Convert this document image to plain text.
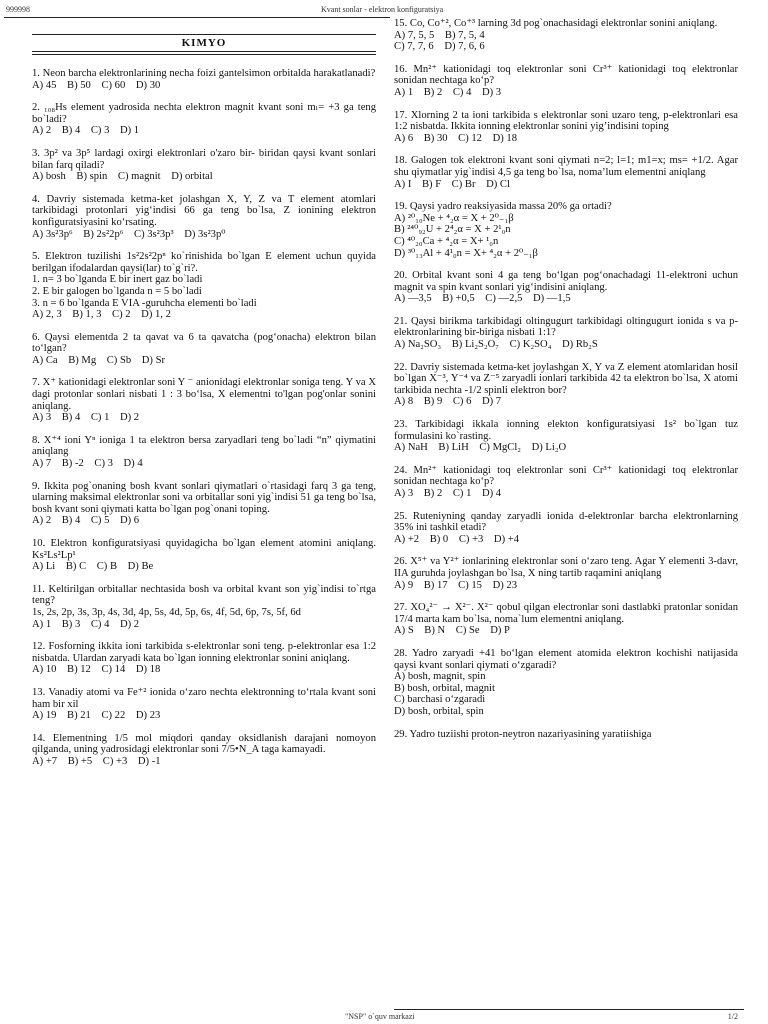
999998	Kvant sonlar - elektron konfiguratsiya
KIMYO

1. Neon barcha elektronlarining necha foizi gantelsimon orbitalda harakatlanadi?

A) 45    B) 50    C) 60    D) 30

2. ₁₀₈Hs element yadrosida nechta elektron magnit kvant soni mₗ= +3 ga teng bo`ladi?

A) 2    B) 4    C) 3    D) 1

3. 3p² va 3p⁵ lardagi oxirgi elektronlari o'zaro bir- biridan qaysi kvant sonlari bilan farq qiladi?

A) bosh    B) spin    C) magnit    D) orbital

4. Davriy sistemada ketma-ket jolashgan X, Y, Z va T element atomlari tarkibidagi protonlari yig‘indisi 66 ga teng bo`lsa, Z ionining elektron konfiguratsiyasini ko‘rsating.

A) 3s²3p⁶    B) 2s²2p⁶    C) 3s²3p³    D) 3s²3p⁰

5. Elektron tuzilishi 1s²2s²2pⁿ ko`rinishida bo`lgan E element uchun quyida berilgan ifodalardan qaysi(lar) to`g`ri?.
1. n= 3 bo`lganda E bir inert gaz bo`ladi
2. E bir galogen bo`lganda n = 5 bo`ladi
3. n = 6 bo`lganda E VIA -guruhcha elementi bo`ladi

A) 2, 3    B) 1, 3    C) 2    D) 1, 2

6. Qaysi elementda 2 ta qavat va 6 ta qavatcha (pog‘onacha) elektron bilan to‘lgan?

A) Ca    B) Mg    C) Sb    D) Sr

7. X⁺ kationidagi elektronlar soni Y ⁻ anionidagi elektronlar soniga teng. Y va X dagi protonlar sonlari nisbati 1 : 3 bo‘lsa, X elementni to'lgan pog'onlar sonini aniqlang.

A) 3    B) 4    C) 1    D) 2

8. X⁺⁴ ioni Yⁿ ioniga 1 ta elektron bersa zaryadlari teng bo`ladi “n” qiymatini aniqlang

A) 7    B) -2    C) 3    D) 4

9. Ikkita pog`onaning bosh kvant sonlari qiymatlari o`rtasidagi farq 3 ga teng, ularning maksimal elektronlar soni va orbitallar soni yig`indisi 51 ga teng bo`lsa, bosh kvant soni qiymati katta bo`lgan pog`onani toping.

A) 2    B) 4    C) 5    D) 6

10. Elektron konfiguratsiyasi quyidagicha bo`lgan element atomini aniqlang. Ks²Ls²Lp¹

A) Li    B) C    C) B    D) Be

11. Keltirilgan orbitallar nechtasida bosh va orbital kvant son yig`indisi to`rtga teng?
1s, 2s, 2p, 3s, 3p, 4s, 3d, 4p, 5s, 4d, 5p, 6s, 4f, 5d, 6p, 7s, 5f, 6d

A) 1    B) 3    C) 4    D) 2

12. Fosforning ikkita ioni tarkibida s-elektronlar soni teng. p-elektronlar esa 1:2 nisbatda. Ulardan zaryadi kata bo`lgan ionning elektronlar sonini aniqlang.

A) 10    B) 12    C) 14    D) 18

13. Vanadiy atomi va Fe⁺² ionida o‘zaro nechta elektronning to‘rtala kvant soni ham bir xil

A) 19    B) 21    C) 22    D) 23

14. Elementning 1/5 mol miqdori qanday oksidlanish darajani nomoyon qilganda, uning yadrosidagi elektronlar soni 7/5•N_A taga kamayadi.

A) +7    B) +5    C) +3    D) -1

15. Co, Co⁺², Co⁺³ larning 3d pog`onachasidagi elektronlar sonini aniqlang.

A) 7, 5, 5    B) 7, 5, 4
C) 7, 7, 6    D) 7, 6, 6

16. Mn²⁺ kationidagi toq elektronlar soni Cr³⁺ kationidagi toq elektronlar sonidan nechtaga ko‘p?

A) 1    B) 2    C) 4    D) 3

17. Xlorning 2 ta ioni tarkibida s elektronlar soni uzaro teng, p-elektronlari esa 1:2 nisbatda. Ikkita ionning elektronlar sonini yig’indisini toping

A) 6    B) 30    C) 12    D) 18

18. Galogen tok elektroni kvant soni qiymati n=2; l=1; m1=x; ms= +1/2. Agar shu qiymatlar yig`indisi 4,5 ga teng bo`lsa, noma’lum elementni aniqlang

A) I    B) F    C) Br    D) Cl

19. Qaysi yadro reaksiyasida massa 20% ga ortadi?

A) ²⁰₁₀Ne + ⁴₂α = X + 2⁰₋₁β
B) ²⁴⁰₉₂U + 2⁴₂α = X + 2¹₀n
C) ⁴⁰₂₀Ca + ⁴₂α = X+ ¹₀n
D) ³⁰₁₃Al + 4¹₀n = X+ ⁴₂α + 2⁰₋₁β

20. Orbital kvant soni 4 ga teng bo‘lgan pog‘onachadagi 11-elektroni uchun magnit va spin kvant sonlari yig‘indisini aniqlang.

A) —3,5    B) +0,5    C) —2,5    D) —1,5

21. Qaysi birikma tarkibidagi oltingugurt tarkibidagi oltingugurt ionida s va p-elektronlarining bir-biriga nisbati 1:1?

A) Na₂SO₃    B) Li₂S₂O₇    C) K₂SO₄    D) Rb₂S

22. Davriy sistemada ketma-ket joylashgan X, Y va Z element atomlaridan hosil bo`lgan X⁻³, Y⁻⁴ va Z⁻⁵ zaryadli ionlari tarkibida 42 ta elektron bo`lsa, X atomi tarkibida nechta -1/2 spinli elektron bor?

A) 8    B) 9    C) 6    D) 7

23. Tarkibidagi ikkala ionning elekton konfiguratsiyasi 1s² bo`lgan tuz formulasini ko`rasting.

A) NaH    B) LiH    C) MgCl₂    D) Li₂O

24. Mn²⁺ kationidagi toq elektronlar soni Cr³⁺ kationidagi toq elektronlar sonidan nechtaga ko‘p?

A) 3    B) 2    C) 1    D) 4

25. Ruteniyning qanday zaryadli ionida d-elektronlar barcha elektronlarning 35% ini tashkil etadi?

A) +2    B) 0    C) +3    D) +4

26. X⁵⁺ va Y²⁺ ionlarining elektronlar soni o‘zaro teng. Agar Y elementi 3-davr, IIA guruhda joylashgan bo`lsa, X ning tartib raqamini aniqlang

A) 9    B) 17    C) 15    D) 23

27. XO₄²⁻ → X²⁻. X²⁻ qobul qilgan electronlar soni dastlabki pratonlar sonidan 17/4 marta kam bo`lsa, noma`lum elementni aniqlang.

A) S    B) N    C) Se    D) P

28. Yadro zaryadi +41 bo‘lgan element atomida elektron kochishi natijasida qaysi kvant sonlari qiymati o‘zgaradi?

A) bosh, magnit, spin
B) bosh, orbital, magnit
C) barchasi o‘zgaradi
D) bosh, orbital, spin

29. Yadro tuziishi proton-neytron nazariyasining yaratiishiga

"NSP" o`quv markazi	1/2
